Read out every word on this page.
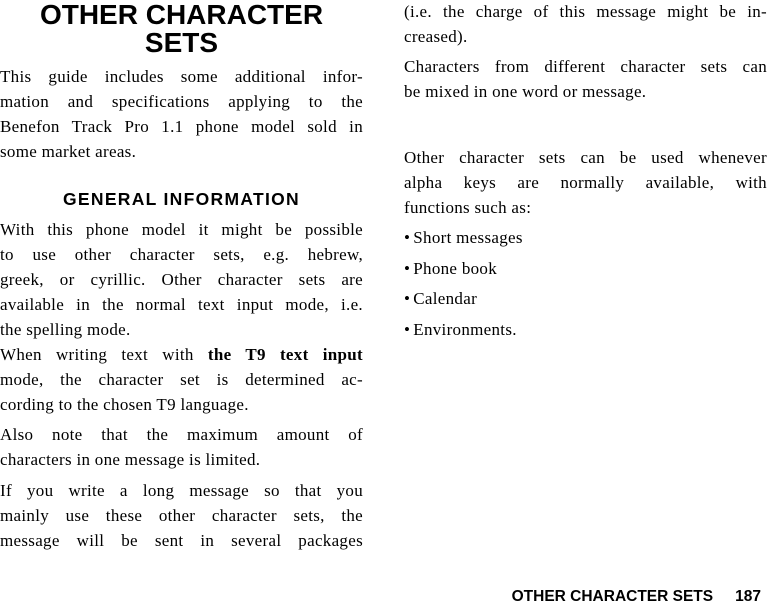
OTHER CHARACTER
SETS

This guide includes some additional infor-
mation and specifications applying to the
Benefon Track Pro 1.1 phone model sold in
some market areas.

GENERAL INFORMATION

With this phone model it might be possible
to use other character sets, e.g. hebrew,
greek, or cyrillic. Other character sets are
available in the normal text input mode, i.e.
the spelling mode.

When writing text with the T9 text input
mode, the character set is determined ac-
cording to the chosen T9 language.

Also note that the maximum amount of
characters in one message is limited.

If you write a long message so that you
mainly use these other character sets, the
message will be sent in several packages

(i.e. the charge of this message might be in-
creased).

Characters from different character sets can
be mixed in one word or message.

Other character sets can be used whenever
alpha keys are normally available, with
functions such as:

• Short messages
• Phone book
• Calendar
• Environments.
OTHER CHARACTER SETS 187
